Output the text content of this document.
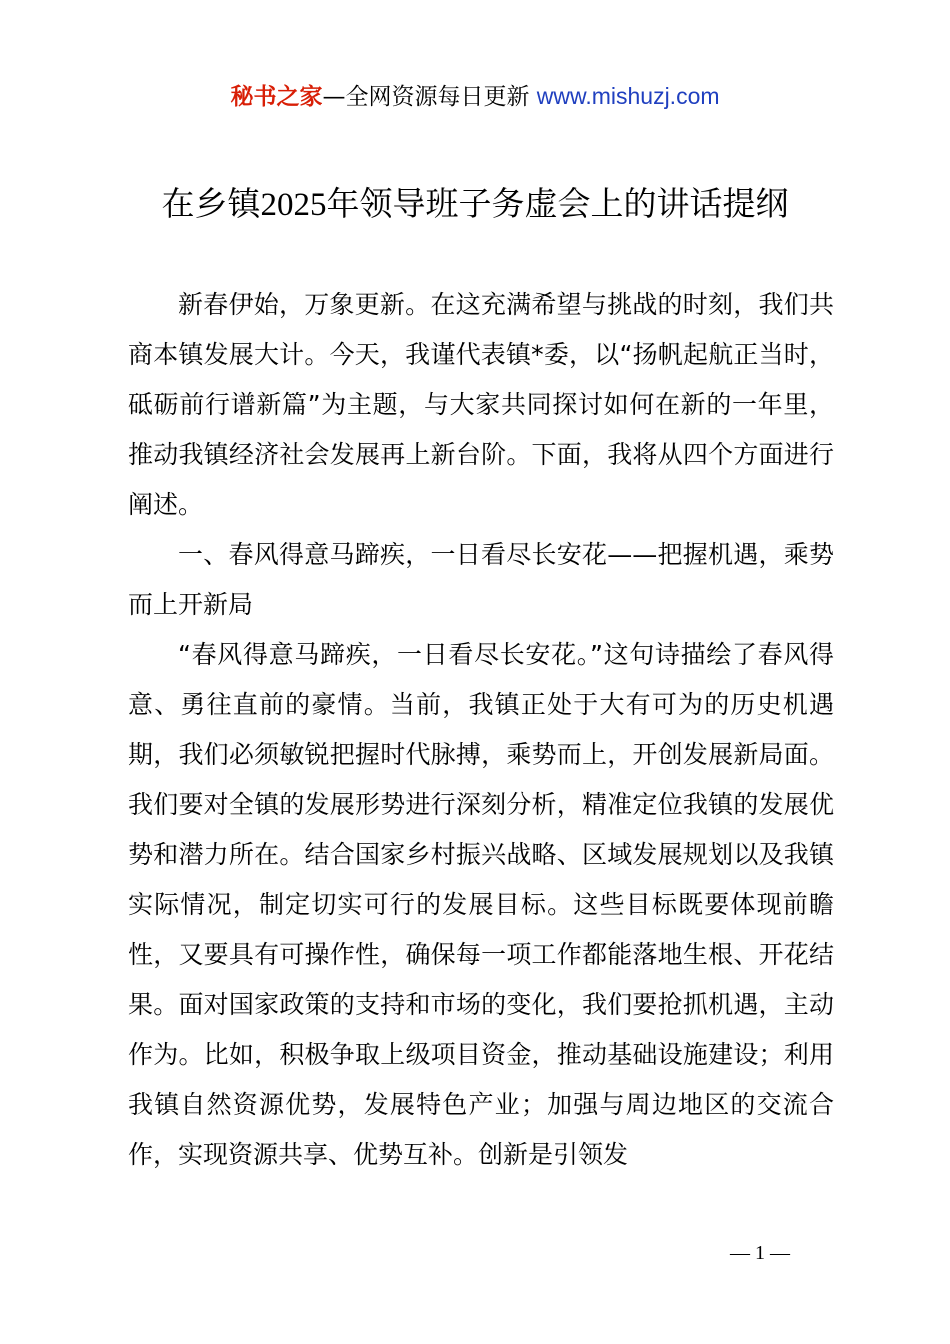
秘书之家—全网资源每日更新 www.mishuzj.com
在乡镇2025年领导班子务虚会上的讲话提纲

新春伊始，万象更新。在这充满希望与挑战的时刻，我们共商本镇发展大计。今天，我谨代表镇*委，以“扬帆起航正当时，砥砺前行谱新篇”为主题，与大家共同探讨如何在新的一年里，推动我镇经济社会发展再上新台阶。下面，我将从四个方面进行阐述。

一、春风得意马蹄疾，一日看尽长安花——把握机遇，乘势而上开新局

“春风得意马蹄疾，一日看尽长安花。”这句诗描绘了春风得意、勇往直前的豪情。当前，我镇正处于大有可为的历史机遇期，我们必须敏锐把握时代脉搏，乘势而上，开创发展新局面。我们要对全镇的发展形势进行深刻分析，精准定位我镇的发展优势和潜力所在。结合国家乡村振兴战略、区域发展规划以及我镇实际情况，制定切实可行的发展目标。这些目标既要体现前瞻性，又要具有可操作性，确保每一项工作都能落地生根、开花结果。面对国家政策的支持和市场的变化，我们要抢抓机遇，主动作为。比如，积极争取上级项目资金，推动基础设施建设；利用我镇自然资源优势，发展特色产业；加强与周边地区的交流合作，实现资源共享、优势互补。创新是引领发

— 1 —
